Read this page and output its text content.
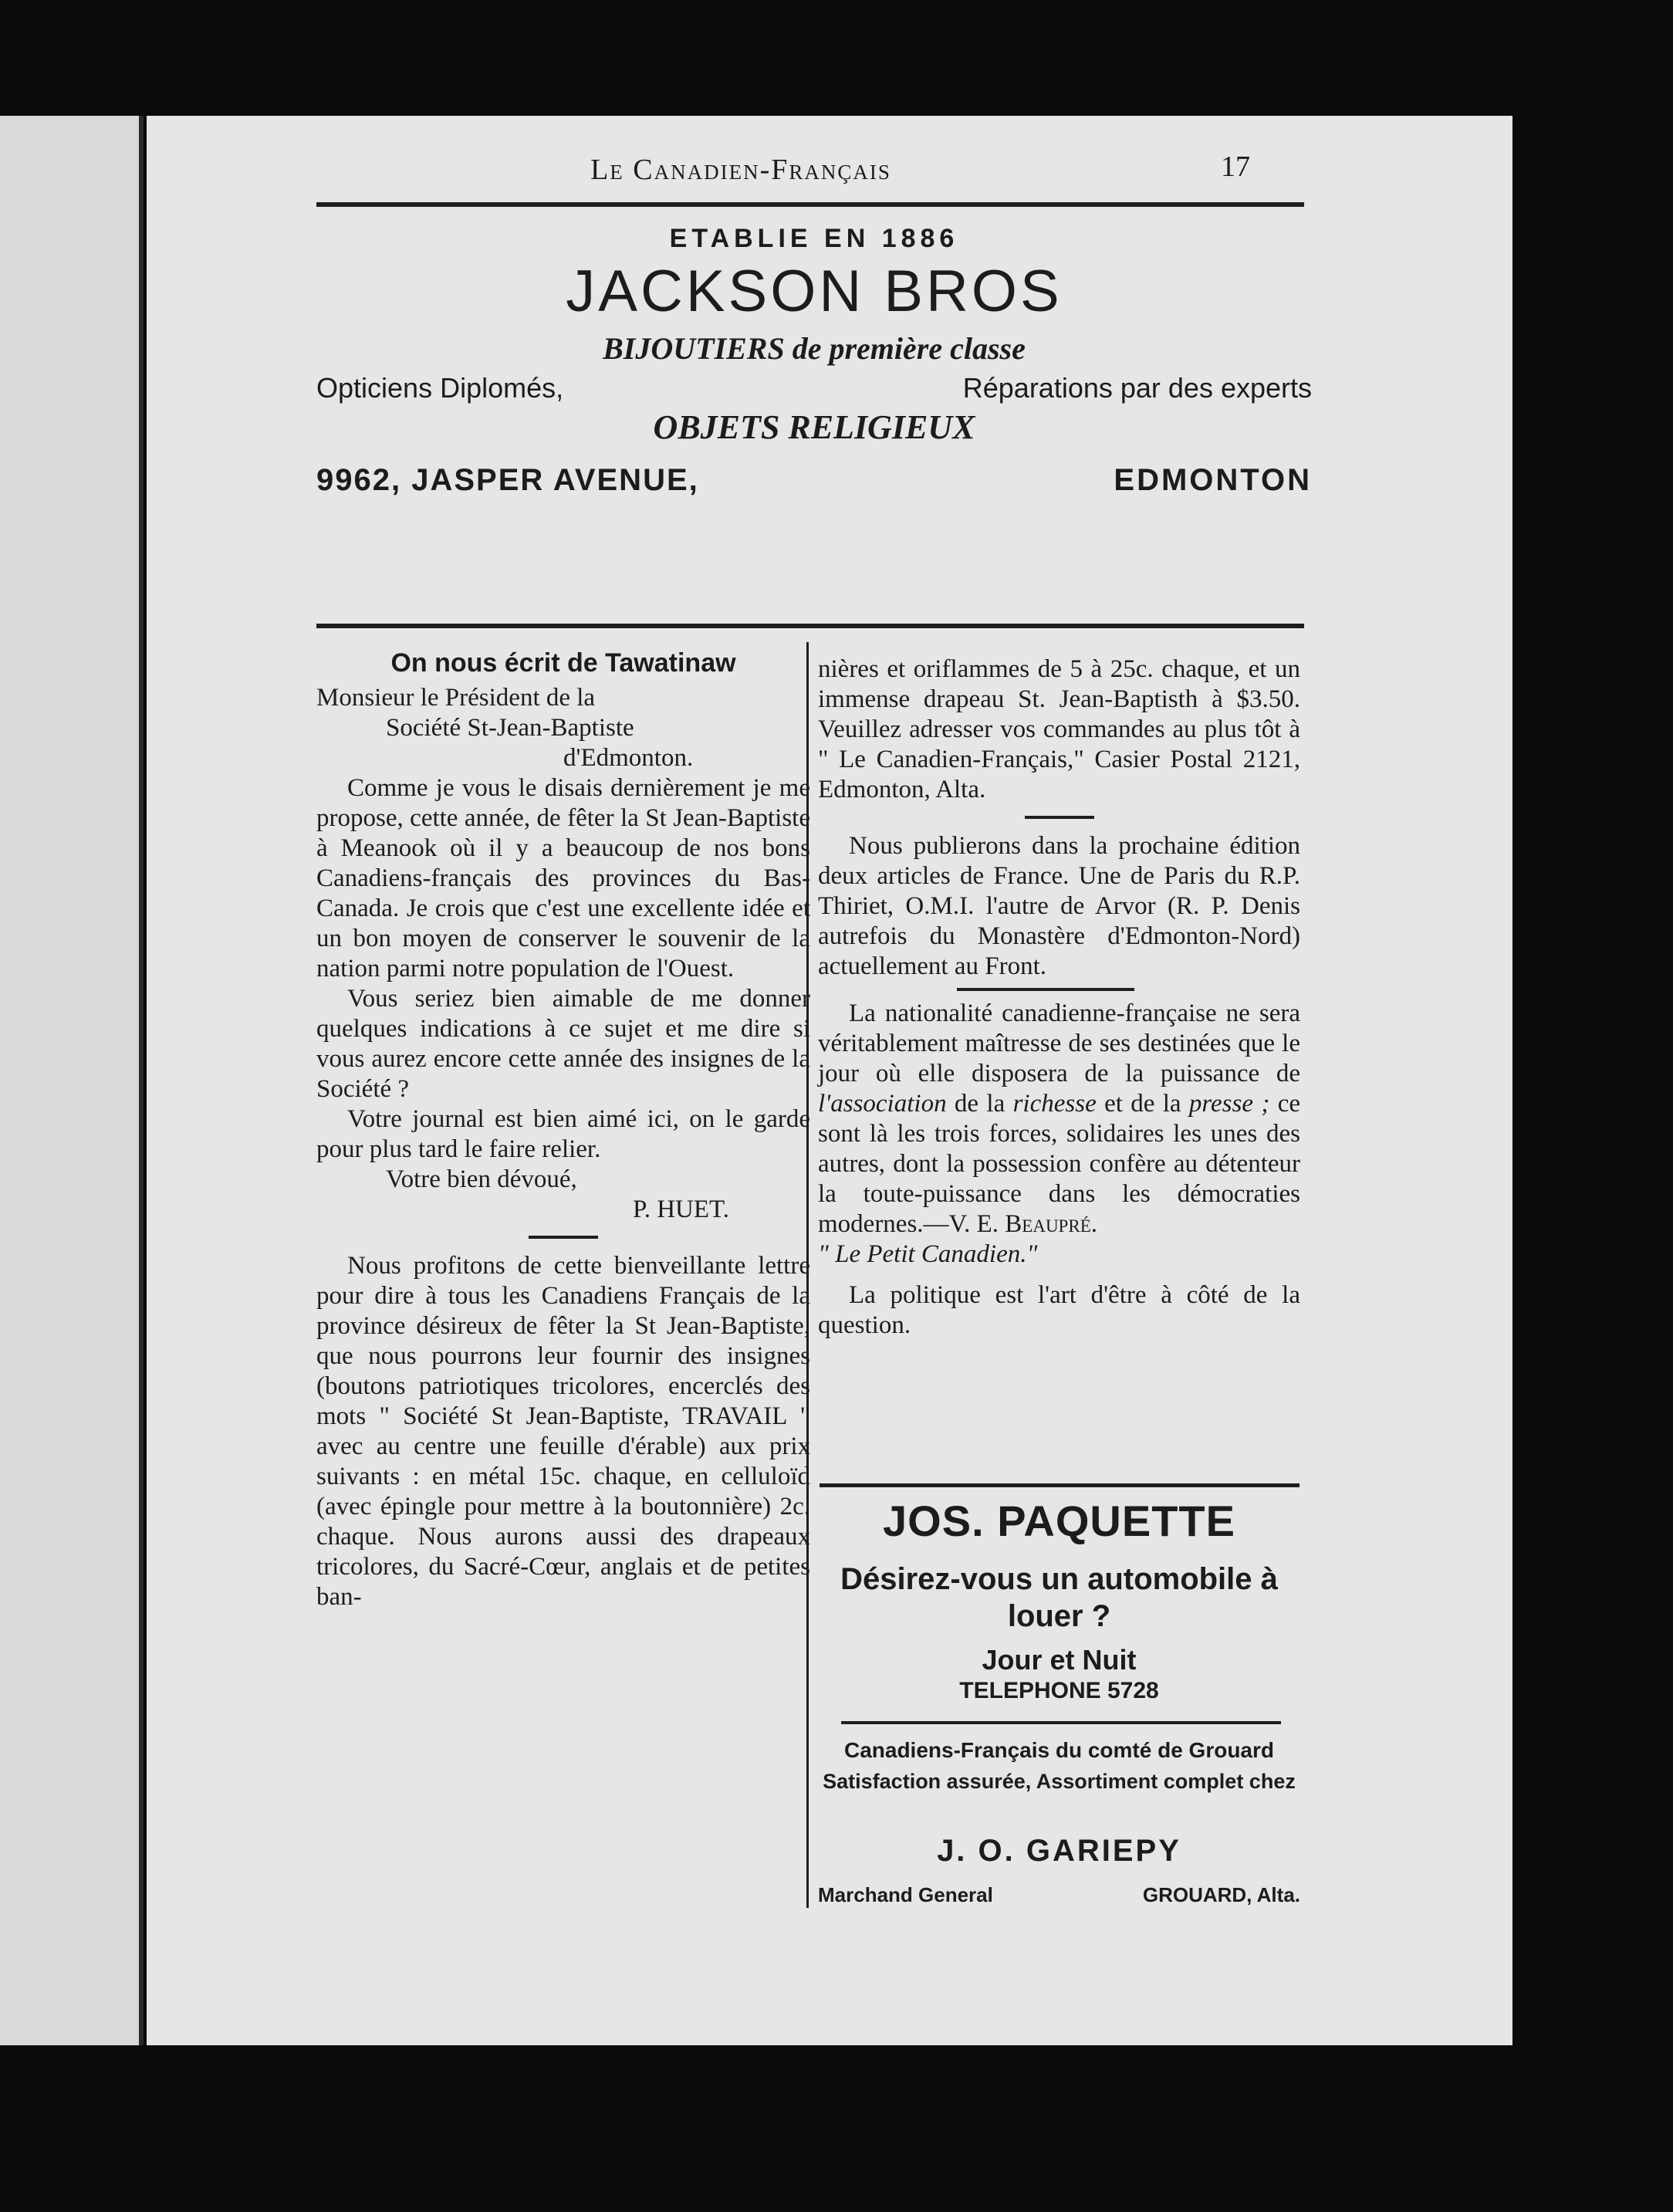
Le Canadien-Français	17
ETABLIE EN 1886
JACKSON BROS
BIJOUTIERS de première classe
Opticiens Diplomés,	Réparations par des experts
OBJETS RELIGIEUX
9962, JASPER AVENUE,	EDMONTON
On nous écrit de Tawatinaw

Monsieur le Président de la

Société St-Jean-Baptiste

d'Edmonton.

Comme je vous le disais dernièrement je me propose, cette année, de fêter la St Jean-Baptiste à Meanook où il y a beaucoup de nos bons Canadiens-français des provinces du Bas-Canada. Je crois que c'est une excellente idée et un bon moyen de conserver le souvenir de la nation parmi notre population de l'Ouest.

Vous seriez bien aimable de me donner quelques indications à ce sujet et me dire si vous aurez encore cette année des insignes de la Société ?

Votre journal est bien aimé ici, on le garde pour plus tard le faire relier.

Votre bien dévoué,

P. HUET.

Nous profitons de cette bienveillante lettre pour dire à tous les Canadiens Français de la province désireux de fêter la St Jean-Baptiste, que nous pourrons leur fournir des insignes (boutons patriotiques tricolores, encerclés des mots " Société St Jean-Baptiste, TRAVAIL " avec au centre une feuille d'érable) aux prix suivants : en métal 15c. chaque, en celluloïd (avec épingle pour mettre à la boutonnière) 2c. chaque. Nous aurons aussi des drapeaux tricolores, du Sacré-Cœur, anglais et de petites ban-

nières et oriflammes de 5 à 25c. chaque, et un immense drapeau St. Jean-Baptisth à $3.50. Veuillez adresser vos commandes au plus tôt à " Le Canadien-Français," Casier Postal 2121, Edmonton, Alta.

Nous publierons dans la prochaine édition deux articles de France. Une de Paris du R.P. Thiriet, O.M.I. l'autre de Arvor (R. P. Denis autrefois du Monastère d'Edmonton-Nord) actuellement au Front.

La nationalité canadienne-française ne sera véritablement maîtresse de ses destinées que le jour où elle disposera de la puissance de l'association de la richesse et de la presse ; ce sont là les trois forces, solidaires les unes des autres, dont la possession confère au détenteur la toute-puissance dans les démocraties modernes.—V. E. Beaupré.

" Le Petit Canadien."

La politique est l'art d'être à côté de la question.

JOS. PAQUETTE
Désirez-vous un automobile à louer ?
Jour et Nuit
TELEPHONE 5728
Canadiens-Français du comté de Grouard
Satisfaction assurée, Assortiment complet chez
J. O. GARIEPY
Marchand General	GROUARD, Alta.
